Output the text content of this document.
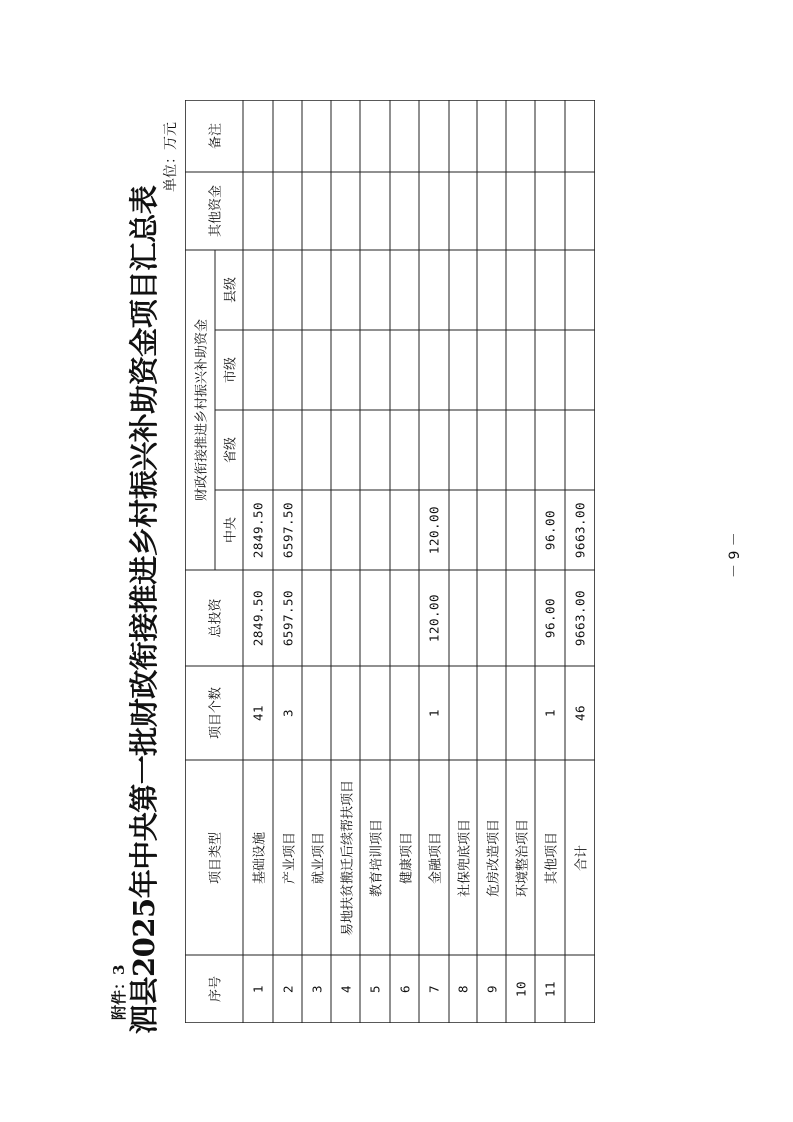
附件：3 泗县2025年中央第一批财政衔接推进乡村振兴补助资金项目汇总表
单位：万元
－ 9 －
序号
项目类型
项目个数
总投资
财政衔接推进乡村振兴补助资金
中央
省级
市级
县级
其他资金
备注
1
基础设施
41
2849.50
2849.50
2
产业项目
3
6597.50
6597.50
3
就业项目
4
易地扶贫搬迁后续帮扶项目
5
教育培训项目
6
健康项目
7
金融项目
1
120.00
120.00
8
社保兜底项目
9
危房改造项目
10
环境整治项目
11
其他项目
1
96.00
96.00
合计
46
9663.00
9663.00
